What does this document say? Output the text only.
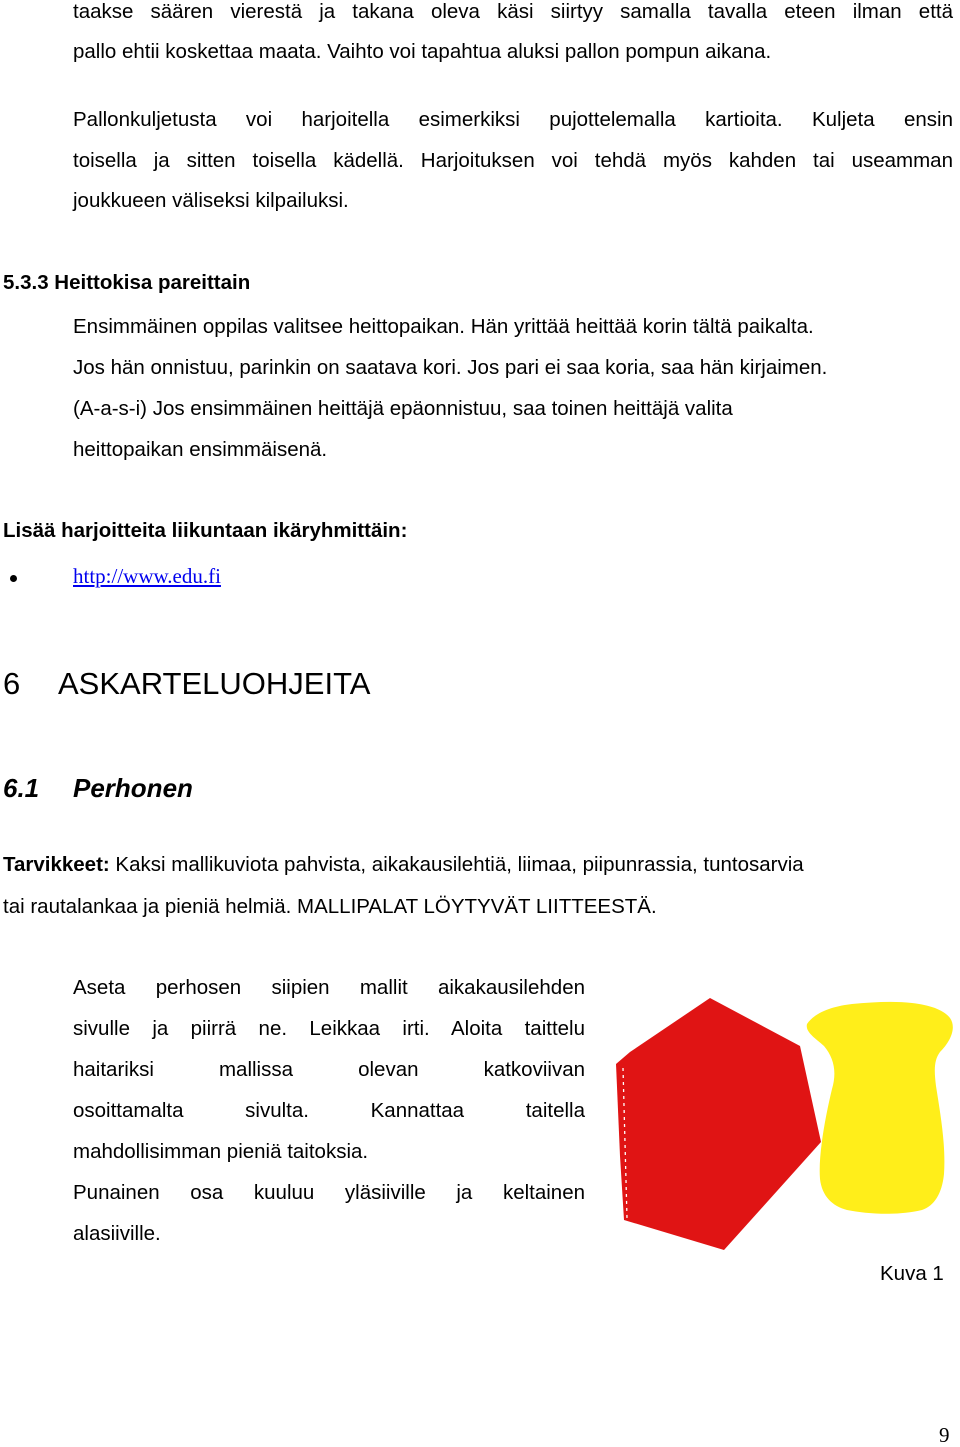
taakse säären vierestä ja takana oleva käsi siirtyy samalla tavalla eteen ilman että
pallo ehtii koskettaa maata. Vaihto voi tapahtua aluksi pallon pompun aikana.
Pallonkuljetusta voi harjoitella esimerkiksi pujottelemalla kartioita. Kuljeta ensin
toisella ja sitten toisella kädellä. Harjoituksen voi tehdä myös kahden tai useamman
joukkueen väliseksi kilpailuksi.
5.3.3 Heittokisa pareittain
Ensimmäinen oppilas valitsee heittopaikan. Hän yrittää heittää korin tältä paikalta.
Jos hän onnistuu, parinkin on saatava kori. Jos pari ei saa koria, saa hän kirjaimen.
(A-a-s-i) Jos ensimmäinen heittäjä epäonnistuu, saa toinen heittäjä valita
heittopaikan ensimmäisenä.
Lisää harjoitteita liikuntaan ikäryhmittäin:
http://www.edu.fi
6 ASKARTELUOHJEITA
6.1 Perhonen
Tarvikkeet: Kaksi mallikuviota pahvista, aikakausilehtiä, liimaa, piipunrassia, tuntosarvia
tai rautalankaa ja pieniä helmiä. MALLIPALAT LÖYTYVÄT LIITTEESTÄ.
Aseta perhosen siipien mallit aikakausilehden
sivulle ja piirrä ne. Leikkaa irti. Aloita taittelu
haitariksi mallissa olevan katkoviivan
osoittamalta sivulta. Kannattaa taitella
mahdollisimman pieniä taitoksia.
Punainen osa kuuluu yläsiiville ja keltainen
alasiiville.
Kuva 1
9
